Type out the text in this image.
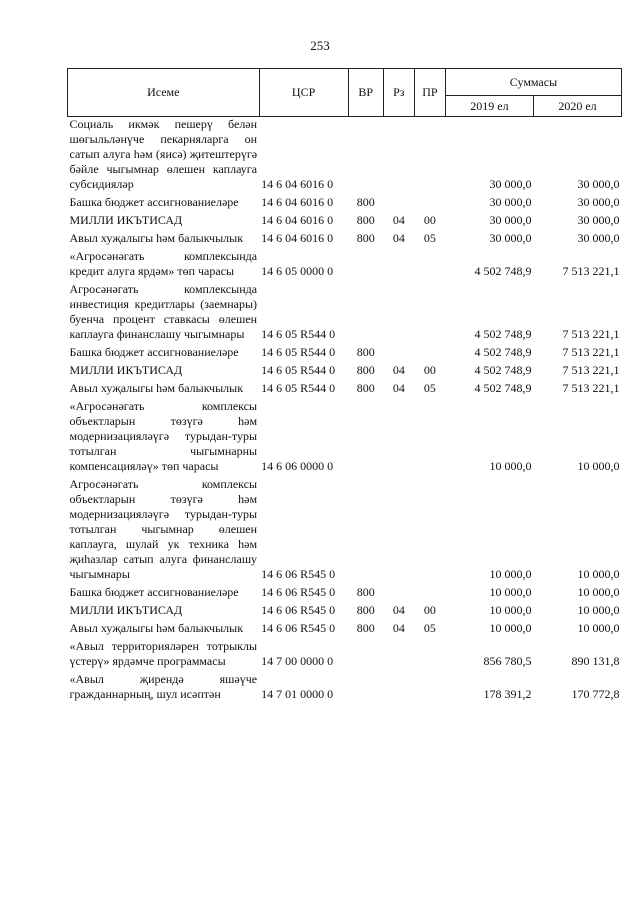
253
Исеме	ЦСР	ВР	Рз	ПР	Суммасы	
					2019 ел	2020 ел
Социаль икмәк пешерү белән шөгыльләнүче пекарняларга он сатып алуга һәм (яисә) җитештерүгә бәйле чыгымнар өлешен каплауга субсидияләр	14 6 04 6016 0				30 000,0	30 000,0

Башка бюджет ассигнованиеләре	14 6 04 6016 0	800			30 000,0	30 000,0

МИЛЛИ ИКЪТИСАД	14 6 04 6016 0	800	04	00	30 000,0	30 000,0

Авыл хуҗалыгы һәм балыкчылык	14 6 04 6016 0	800	04	05	30 000,0	30 000,0

«Агросәнәгать комплексында кредит алуга ярдәм» төп чарасы	14 6 05 0000 0				4 502 748,9	7 513 221,1

Агросәнәгать комплексында инвестиция кредитлары (заемнары) буенча процент ставкасы өлешен каплауга финанслашу чыгымнары	14 6 05 R544 0				4 502 748,9	7 513 221,1

Башка бюджет ассигнованиеләре	14 6 05 R544 0	800			4 502 748,9	7 513 221,1

МИЛЛИ ИКЪТИСАД	14 6 05 R544 0	800	04	00	4 502 748,9	7 513 221,1

Авыл хуҗалыгы һәм балыкчылык	14 6 05 R544 0	800	04	05	4 502 748,9	7 513 221,1

«Агросәнәгать комплексы объектларын төзүгә һәм модернизацияләүгә турыдан-туры тотылган чыгымнарны компенсацияләү» төп чарасы	14 6 06 0000 0				10 000,0	10 000,0

Агросәнәгать комплексы объектларын төзүгә һәм модернизацияләүгә турыдан-туры тотылган чыгымнар өлешен каплауга, шулай ук техника һәм җиһазлар сатып алуга финанслашу чыгымнары	14 6 06 R545 0				10 000,0	10 000,0

Башка бюджет ассигнованиеләре	14 6 06 R545 0	800			10 000,0	10 000,0

МИЛЛИ ИКЪТИСАД	14 6 06 R545 0	800	04	00	10 000,0	10 000,0

Авыл хуҗалыгы һәм балыкчылык	14 6 06 R545 0	800	04	05	10 000,0	10 000,0

«Авыл территорияләрен тотрыклы үстерү» ярдәмче программасы	14 7 00 0000 0				856 780,5	890 131,8

«Авыл җирендә яшәүче гражданнарның, шул исәптән	14 7 01 0000 0				178 391,2	170 772,8
